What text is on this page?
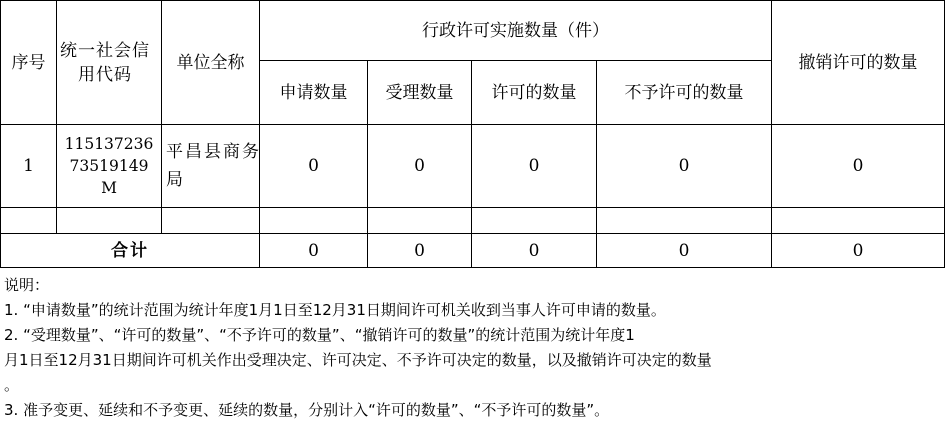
序号	统一社会信用代码	单位全称	行政许可实施数量（件）				撤销许可的数量
			申请数量	受理数量	许可的数量	不予许可的数量	
1	11513723673519149M	平昌县商务局	0	0	0	0	0

合计			0	0	0	0	0
说明：
1. “申请数量”的统计范围为统计年度1月1日至12月31日期间许可机关收到当事人许可申请的数量。
2. “受理数量”、“许可的数量”、“不予许可的数量”、“撤销许可的数量”的统计范围为统计年度1
月1日至12月31日期间许可机关作出受理决定、许可决定、不予许可决定的数量，以及撤销许可决定的数量
。
3. 准予变更、延续和不予变更、延续的数量，分别计入“许可的数量”、“不予许可的数量”。
